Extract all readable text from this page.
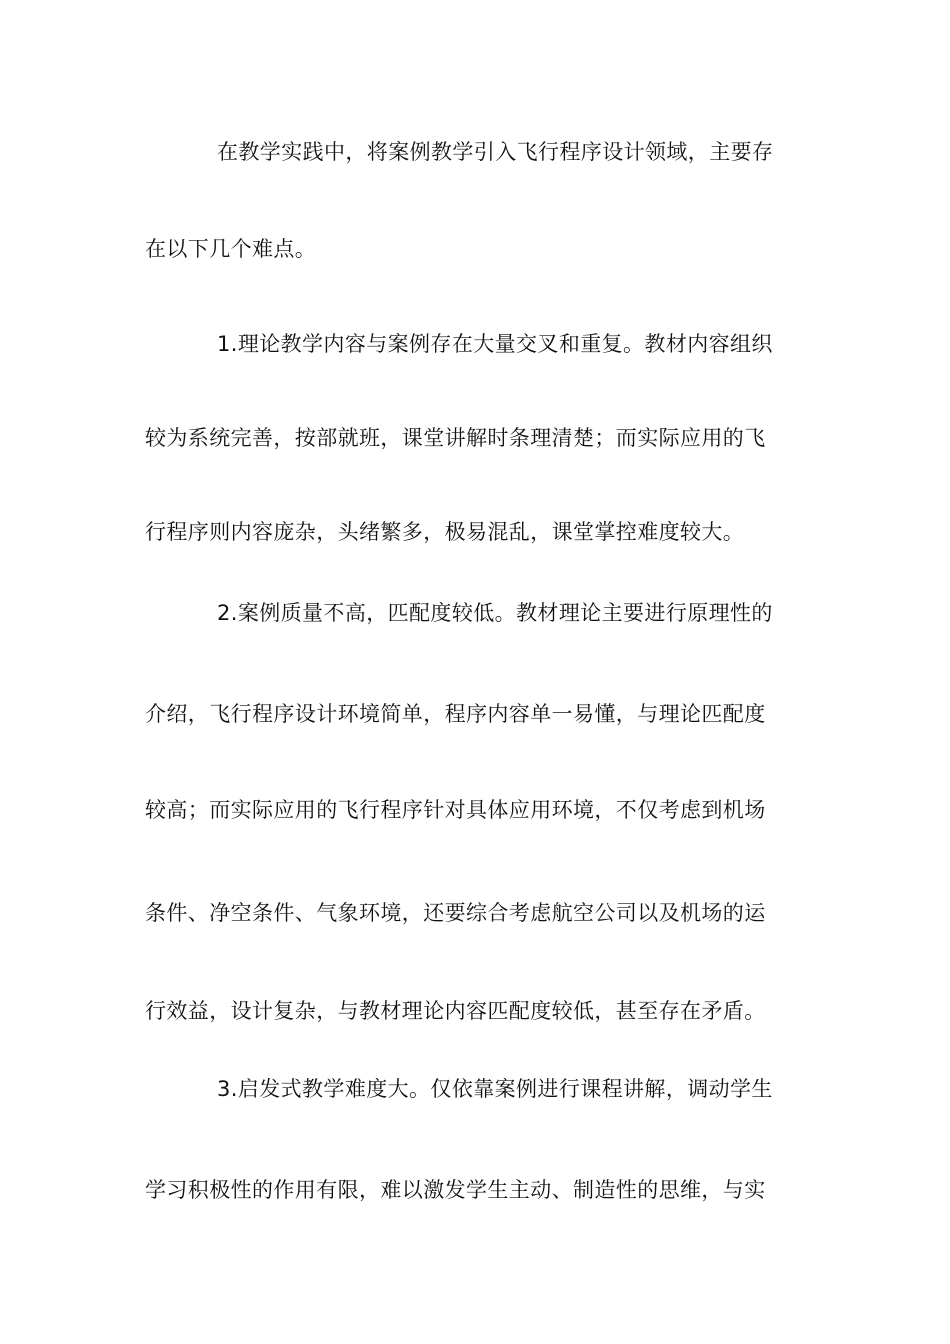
在教学实践中，将案例教学引入飞行程序设计领域，主要存
在以下几个难点。
1.理论教学内容与案例存在大量交叉和重复。教材内容组织
较为系统完善，按部就班，课堂讲解时条理清楚；而实际应用的飞
行程序则内容庞杂，头绪繁多，极易混乱，课堂掌控难度较大。
2.案例质量不高，匹配度较低。教材理论主要进行原理性的
介绍，飞行程序设计环境简单，程序内容单一易懂，与理论匹配度
较高；而实际应用的飞行程序针对具体应用环境，不仅考虑到机场
条件、净空条件、气象环境，还要综合考虑航空公司以及机场的运
行效益，设计复杂，与教材理论内容匹配度较低，甚至存在矛盾。
3.启发式教学难度大。仅依靠案例进行课程讲解，调动学生
学习积极性的作用有限，难以激发学生主动、制造性的思维，与实
